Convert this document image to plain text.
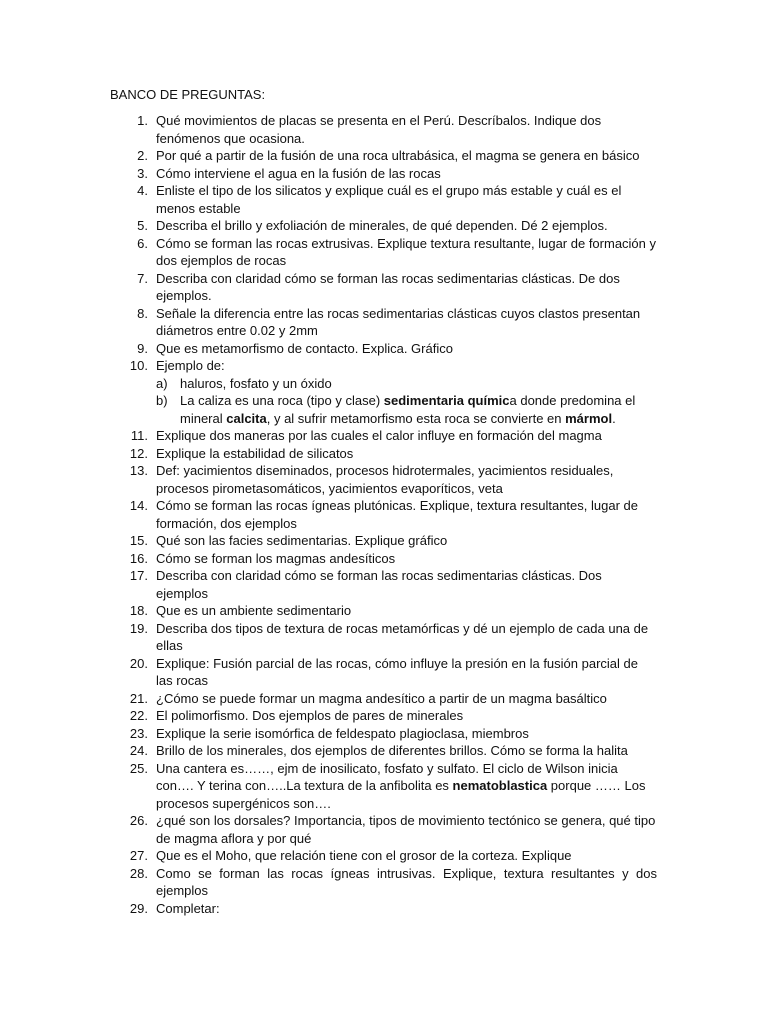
BANCO DE PREGUNTAS:
1. Qué movimientos de placas se presenta en el Perú. Descríbalos. Indique dos fenómenos que ocasiona.
2. Por qué a partir de la fusión de una roca ultrabásica, el magma se genera en básico
3. Cómo interviene el agua en la fusión de las rocas
4. Enliste el tipo de los silicatos y explique cuál es el grupo más estable y cuál es el menos estable
5. Describa el brillo y exfoliación de minerales, de qué dependen. Dé 2 ejemplos.
6. Cómo se forman las rocas extrusivas. Explique textura resultante, lugar de formación y dos ejemplos de rocas
7. Describa con claridad cómo se forman las rocas sedimentarias clásticas. De dos ejemplos.
8. Señale la diferencia entre las rocas sedimentarias clásticas cuyos clastos presentan diámetros entre 0.02 y 2mm
9. Que es metamorfismo de contacto. Explica. Gráfico
10. Ejemplo de:
a) haluros, fosfato y un óxido
b) La caliza es una roca (tipo y clase) sedimentaria química donde predomina el mineral calcita, y al sufrir metamorfismo esta roca se convierte en mármol.
11. Explique dos maneras por las cuales el calor influye en formación del magma
12. Explique la estabilidad de silicatos
13. Def: yacimientos diseminados, procesos hidrotermales, yacimientos residuales, procesos pirometasomáticos, yacimientos evaporíticos, veta
14. Cómo se forman las rocas ígneas plutónicas. Explique, textura resultantes, lugar de formación, dos ejemplos
15. Qué son las facies sedimentarias. Explique gráfico
16. Cómo se forman los magmas andesíticos
17. Describa con claridad cómo se forman las rocas sedimentarias clásticas. Dos ejemplos
18. Que es un ambiente sedimentario
19. Describa dos tipos de textura de rocas metamórficas y dé un ejemplo de cada una de ellas
20. Explique: Fusión parcial de las rocas, cómo influye la presión en la fusión parcial de las rocas
21. ¿Cómo se puede formar un magma andesítico a partir de un magma basáltico
22. El polimorfismo. Dos ejemplos de pares de minerales
23. Explique la serie isomórfica de feldespato plagioclasa, miembros
24. Brillo de los minerales, dos ejemplos de diferentes brillos. Cómo se forma la halita
25. Una cantera es……, ejm de inosilicato, fosfato y sulfato. El ciclo de Wilson inicia con…. Y terina con…..La textura de la anfibolita es nematoblastica porque …… Los procesos supergénicos son….
26. ¿qué son los dorsales? Importancia, tipos de movimiento tectónico se genera, qué tipo de magma aflora y por qué
27. Que es el Moho, que relación tiene con el grosor de la corteza. Explique
28. Como se forman las rocas ígneas intrusivas. Explique, textura resultantes y dos ejemplos
29. Completar:
